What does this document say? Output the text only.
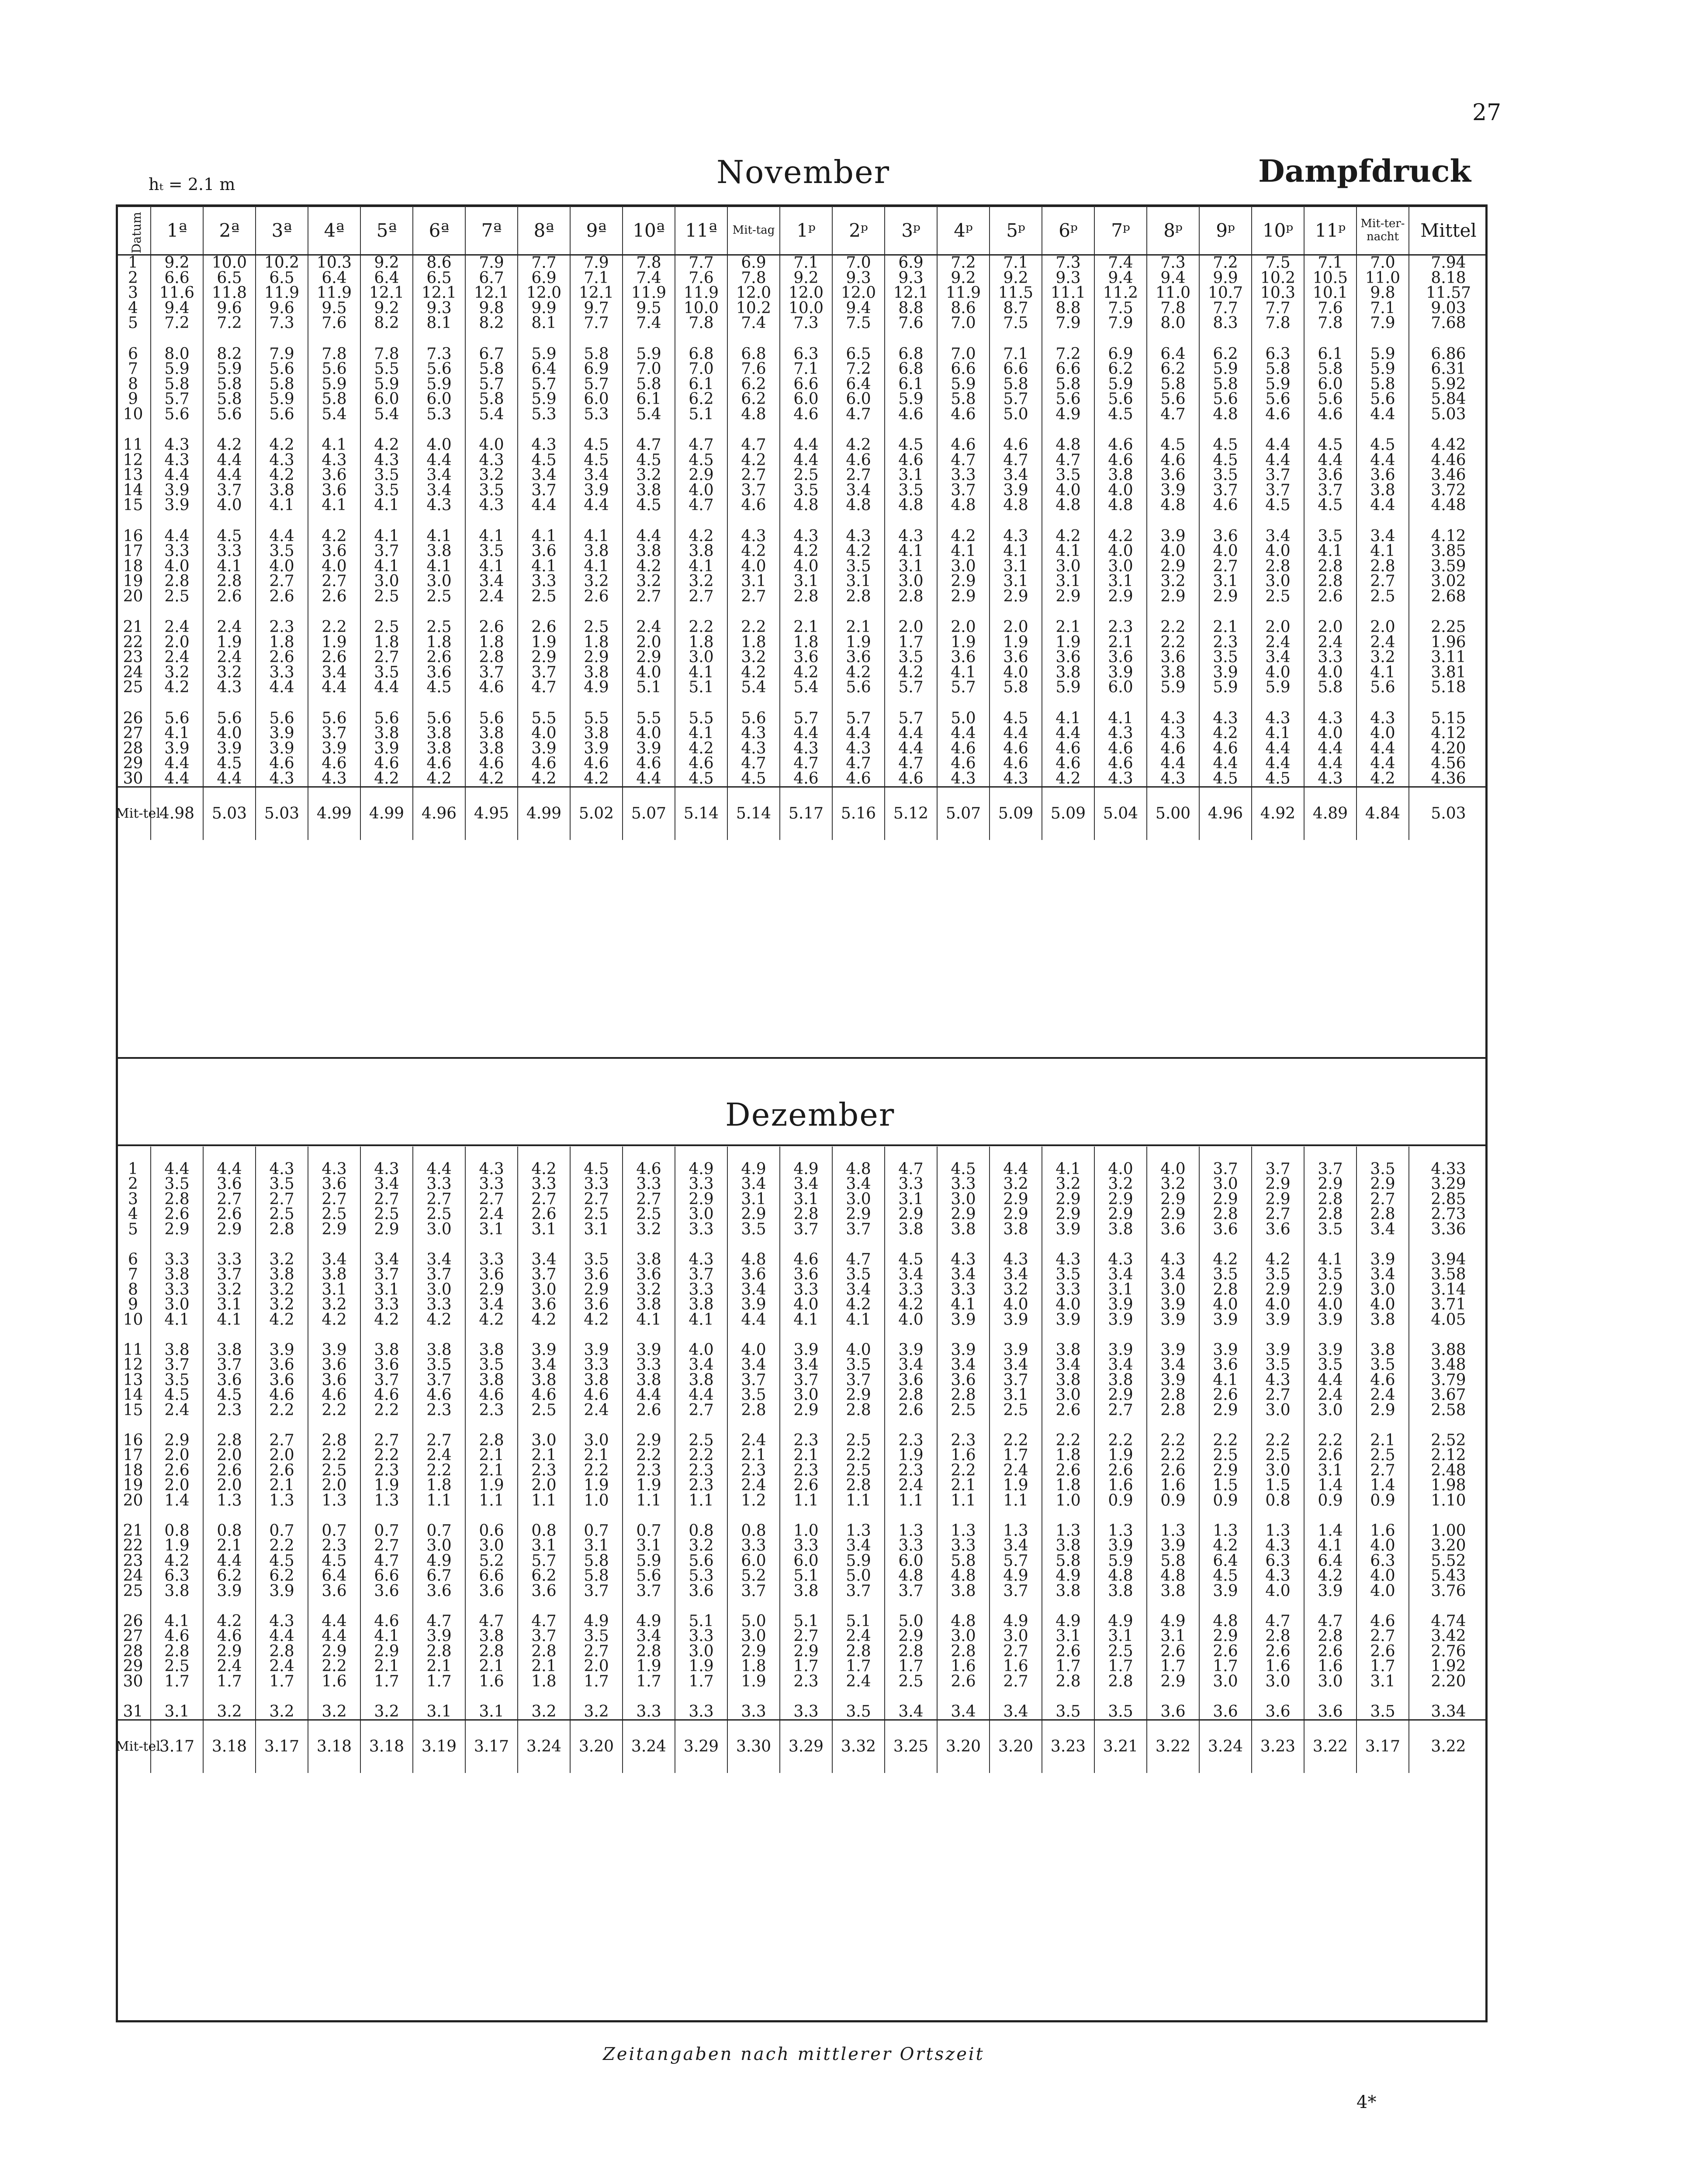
27
hₜ = 2.1 m	November	Dampfdruck
Datum	1ª	2ª	3ª	4ª	5ª	6ª	7ª	8ª	9ª	10ª	11ª	Mit-tag	1ᵖ	2ᵖ	3ᵖ	4ᵖ	5ᵖ	6ᵖ	7ᵖ	8ᵖ	9ᵖ	10ᵖ	11ᵖ	Mit-ter-nacht	Mittel
1	9.2	10.0	10.2	10.3	9.2	8.6	7.9	7.7	7.9	7.8	7.7	6.9	7.1	7.0	6.9	7.2	7.1	7.3	7.4	7.3	7.2	7.5	7.1	7.0	7.94
2	6.6	6.5	6.5	6.4	6.4	6.5	6.7	6.9	7.1	7.4	7.6	7.8	9.2	9.3	9.3	9.2	9.2	9.3	9.4	9.4	9.9	10.2	10.5	11.0	8.18
3	11.6	11.8	11.9	11.9	12.1	12.1	12.1	12.0	12.1	11.9	11.9	12.0	12.0	12.0	12.1	11.9	11.5	11.1	11.2	11.0	10.7	10.3	10.1	9.8	11.57
4	9.4	9.6	9.6	9.5	9.2	9.3	9.8	9.9	9.7	9.5	10.0	10.2	10.0	9.4	8.8	8.6	8.7	8.8	7.5	7.8	7.7	7.7	7.6	7.1	9.03
5	7.2	7.2	7.3	7.6	8.2	8.1	8.2	8.1	7.7	7.4	7.8	7.4	7.3	7.5	7.6	7.0	7.5	7.9	7.9	8.0	8.3	7.8	7.8	7.9	7.68

6	8.0	8.2	7.9	7.8	7.8	7.3	6.7	5.9	5.8	5.9	6.8	6.8	6.3	6.5	6.8	7.0	7.1	7.2	6.9	6.4	6.2	6.3	6.1	5.9	6.86
7	5.9	5.9	5.6	5.6	5.5	5.6	5.8	6.4	6.9	7.0	7.0	7.6	7.1	7.2	6.8	6.6	6.6	6.6	6.2	6.2	5.9	5.8	5.8	5.9	6.31
8	5.8	5.8	5.8	5.9	5.9	5.9	5.7	5.7	5.7	5.8	6.1	6.2	6.6	6.4	6.1	5.9	5.8	5.8	5.9	5.8	5.8	5.9	6.0	5.8	5.92
9	5.7	5.8	5.9	5.8	6.0	6.0	5.8	5.9	6.0	6.1	6.2	6.2	6.0	6.0	5.9	5.8	5.7	5.6	5.6	5.6	5.6	5.6	5.6	5.6	5.84
10	5.6	5.6	5.6	5.4	5.4	5.3	5.4	5.3	5.3	5.4	5.1	4.8	4.6	4.7	4.6	4.6	5.0	4.9	4.5	4.7	4.8	4.6	4.6	4.4	5.03

11	4.3	4.2	4.2	4.1	4.2	4.0	4.0	4.3	4.5	4.7	4.7	4.7	4.4	4.2	4.5	4.6	4.6	4.8	4.6	4.5	4.5	4.4	4.5	4.5	4.42
12	4.3	4.4	4.3	4.3	4.3	4.4	4.3	4.5	4.5	4.5	4.5	4.2	4.4	4.6	4.6	4.7	4.7	4.7	4.6	4.6	4.5	4.4	4.4	4.4	4.46
13	4.4	4.4	4.2	3.6	3.5	3.4	3.2	3.4	3.4	3.2	2.9	2.7	2.5	2.7	3.1	3.3	3.4	3.5	3.8	3.6	3.5	3.7	3.6	3.6	3.46
14	3.9	3.7	3.8	3.6	3.5	3.4	3.5	3.7	3.9	3.8	4.0	3.7	3.5	3.4	3.5	3.7	3.9	4.0	4.0	3.9	3.7	3.7	3.7	3.8	3.72
15	3.9	4.0	4.1	4.1	4.1	4.3	4.3	4.4	4.4	4.5	4.7	4.6	4.8	4.8	4.8	4.8	4.8	4.8	4.8	4.8	4.6	4.5	4.5	4.4	4.48

16	4.4	4.5	4.4	4.2	4.1	4.1	4.1	4.1	4.1	4.4	4.2	4.3	4.3	4.3	4.3	4.2	4.3	4.2	4.2	3.9	3.6	3.4	3.5	3.4	4.12
17	3.3	3.3	3.5	3.6	3.7	3.8	3.5	3.6	3.8	3.8	3.8	4.2	4.2	4.2	4.1	4.1	4.1	4.1	4.0	4.0	4.0	4.0	4.1	4.1	3.85
18	4.0	4.1	4.0	4.0	4.1	4.1	4.1	4.1	4.1	4.2	4.1	4.0	4.0	3.5	3.1	3.0	3.1	3.0	3.0	2.9	2.7	2.8	2.8	2.8	3.59
19	2.8	2.8	2.7	2.7	3.0	3.0	3.4	3.3	3.2	3.2	3.2	3.1	3.1	3.1	3.0	2.9	3.1	3.1	3.1	3.2	3.1	3.0	2.8	2.7	3.02
20	2.5	2.6	2.6	2.6	2.5	2.5	2.4	2.5	2.6	2.7	2.7	2.7	2.8	2.8	2.8	2.9	2.9	2.9	2.9	2.9	2.9	2.5	2.6	2.5	2.68

21	2.4	2.4	2.3	2.2	2.5	2.5	2.6	2.6	2.5	2.4	2.2	2.2	2.1	2.1	2.0	2.0	2.0	2.1	2.3	2.2	2.1	2.0	2.0	2.0	2.25
22	2.0	1.9	1.8	1.9	1.8	1.8	1.8	1.9	1.8	2.0	1.8	1.8	1.8	1.9	1.7	1.9	1.9	1.9	2.1	2.2	2.3	2.4	2.4	2.4	1.96
23	2.4	2.4	2.6	2.6	2.7	2.6	2.8	2.9	2.9	2.9	3.0	3.2	3.6	3.6	3.5	3.6	3.6	3.6	3.6	3.6	3.5	3.4	3.3	3.2	3.11
24	3.2	3.2	3.3	3.4	3.5	3.6	3.7	3.7	3.8	4.0	4.1	4.2	4.2	4.2	4.2	4.1	4.0	3.8	3.9	3.8	3.9	4.0	4.0	4.1	3.81
25	4.2	4.3	4.4	4.4	4.4	4.5	4.6	4.7	4.9	5.1	5.1	5.4	5.4	5.6	5.7	5.7	5.8	5.9	6.0	5.9	5.9	5.9	5.8	5.6	5.18

26	5.6	5.6	5.6	5.6	5.6	5.6	5.6	5.5	5.5	5.5	5.5	5.6	5.7	5.7	5.7	5.0	4.5	4.1	4.1	4.3	4.3	4.3	4.3	4.3	5.15
27	4.1	4.0	3.9	3.7	3.8	3.8	3.8	4.0	3.8	4.0	4.1	4.3	4.4	4.4	4.4	4.4	4.4	4.4	4.3	4.3	4.2	4.1	4.0	4.0	4.12
28	3.9	3.9	3.9	3.9	3.9	3.8	3.8	3.9	3.9	3.9	4.2	4.3	4.3	4.3	4.4	4.6	4.6	4.6	4.6	4.6	4.6	4.4	4.4	4.4	4.20
29	4.4	4.5	4.6	4.6	4.6	4.6	4.6	4.6	4.6	4.6	4.6	4.7	4.7	4.7	4.7	4.6	4.6	4.6	4.6	4.4	4.4	4.4	4.4	4.4	4.56
30	4.4	4.4	4.3	4.3	4.2	4.2	4.2	4.2	4.2	4.4	4.5	4.5	4.6	4.6	4.6	4.3	4.3	4.2	4.3	4.3	4.5	4.5	4.3	4.2	4.36
Mit-tel	4.98	5.03	5.03	4.99	4.99	4.96	4.95	4.99	5.02	5.07	5.14	5.14	5.17	5.16	5.12	5.07	5.09	5.09	5.04	5.00	4.96	4.92	4.89	4.84	5.03
Dezember

1	4.4	4.4	4.3	4.3	4.3	4.4	4.3	4.2	4.5	4.6	4.9	4.9	4.9	4.8	4.7	4.5	4.4	4.1	4.0	4.0	3.7	3.7	3.7	3.5	4.33
2	3.5	3.6	3.5	3.6	3.4	3.3	3.3	3.3	3.3	3.3	3.3	3.4	3.4	3.4	3.3	3.3	3.2	3.2	3.2	3.2	3.0	2.9	2.9	2.9	3.29
3	2.8	2.7	2.7	2.7	2.7	2.7	2.7	2.7	2.7	2.7	2.9	3.1	3.1	3.0	3.1	3.0	2.9	2.9	2.9	2.9	2.9	2.9	2.8	2.7	2.85
4	2.6	2.6	2.5	2.5	2.5	2.5	2.4	2.6	2.5	2.5	3.0	2.9	2.8	2.9	2.9	2.9	2.9	2.9	2.9	2.9	2.8	2.7	2.8	2.8	2.73
5	2.9	2.9	2.8	2.9	2.9	3.0	3.1	3.1	3.1	3.2	3.3	3.5	3.7	3.7	3.8	3.8	3.8	3.9	3.8	3.6	3.6	3.6	3.5	3.4	3.36

6	3.3	3.3	3.2	3.4	3.4	3.4	3.3	3.4	3.5	3.8	4.3	4.8	4.6	4.7	4.5	4.3	4.3	4.3	4.3	4.3	4.2	4.2	4.1	3.9	3.94
7	3.8	3.7	3.8	3.8	3.7	3.7	3.6	3.7	3.6	3.6	3.7	3.6	3.6	3.5	3.4	3.4	3.4	3.5	3.4	3.4	3.5	3.5	3.5	3.4	3.58
8	3.3	3.2	3.2	3.1	3.1	3.0	2.9	3.0	2.9	3.2	3.3	3.4	3.3	3.4	3.3	3.3	3.2	3.3	3.1	3.0	2.8	2.9	2.9	3.0	3.14
9	3.0	3.1	3.2	3.2	3.3	3.3	3.4	3.6	3.6	3.8	3.8	3.9	4.0	4.2	4.2	4.1	4.0	4.0	3.9	3.9	4.0	4.0	4.0	4.0	3.71
10	4.1	4.1	4.2	4.2	4.2	4.2	4.2	4.2	4.2	4.1	4.1	4.4	4.1	4.1	4.0	3.9	3.9	3.9	3.9	3.9	3.9	3.9	3.9	3.8	4.05

11	3.8	3.8	3.9	3.9	3.8	3.8	3.8	3.9	3.9	3.9	4.0	4.0	3.9	4.0	3.9	3.9	3.9	3.8	3.9	3.9	3.9	3.9	3.9	3.8	3.88
12	3.7	3.7	3.6	3.6	3.6	3.5	3.5	3.4	3.3	3.3	3.4	3.4	3.4	3.5	3.4	3.4	3.4	3.4	3.4	3.4	3.6	3.5	3.5	3.5	3.48
13	3.5	3.6	3.6	3.6	3.7	3.7	3.8	3.8	3.8	3.8	3.8	3.7	3.7	3.7	3.6	3.6	3.7	3.8	3.8	3.9	4.1	4.3	4.4	4.6	3.79
14	4.5	4.5	4.6	4.6	4.6	4.6	4.6	4.6	4.6	4.4	4.4	3.5	3.0	2.9	2.8	2.8	3.1	3.0	2.9	2.8	2.6	2.7	2.4	2.4	3.67
15	2.4	2.3	2.2	2.2	2.2	2.3	2.3	2.5	2.4	2.6	2.7	2.8	2.9	2.8	2.6	2.5	2.5	2.6	2.7	2.8	2.9	3.0	3.0	2.9	2.58

16	2.9	2.8	2.7	2.8	2.7	2.7	2.8	3.0	3.0	2.9	2.5	2.4	2.3	2.5	2.3	2.3	2.2	2.2	2.2	2.2	2.2	2.2	2.2	2.1	2.52
17	2.0	2.0	2.0	2.2	2.2	2.4	2.1	2.1	2.1	2.2	2.2	2.1	2.1	2.2	1.9	1.6	1.7	1.8	1.9	2.2	2.5	2.5	2.6	2.5	2.12
18	2.6	2.6	2.6	2.5	2.3	2.2	2.1	2.3	2.2	2.3	2.3	2.3	2.3	2.5	2.3	2.2	2.4	2.6	2.6	2.6	2.9	3.0	3.1	2.7	2.48
19	2.0	2.0	2.1	2.0	1.9	1.8	1.9	2.0	1.9	1.9	2.3	2.4	2.6	2.8	2.4	2.1	1.9	1.8	1.6	1.6	1.5	1.5	1.4	1.4	1.98
20	1.4	1.3	1.3	1.3	1.3	1.1	1.1	1.1	1.0	1.1	1.1	1.2	1.1	1.1	1.1	1.1	1.1	1.0	0.9	0.9	0.9	0.8	0.9	0.9	1.10

21	0.8	0.8	0.7	0.7	0.7	0.7	0.6	0.8	0.7	0.7	0.8	0.8	1.0	1.3	1.3	1.3	1.3	1.3	1.3	1.3	1.3	1.3	1.4	1.6	1.00
22	1.9	2.1	2.2	2.3	2.7	3.0	3.0	3.1	3.1	3.1	3.2	3.3	3.3	3.4	3.3	3.3	3.4	3.8	3.9	3.9	4.2	4.3	4.1	4.0	3.20
23	4.2	4.4	4.5	4.5	4.7	4.9	5.2	5.7	5.8	5.9	5.6	6.0	6.0	5.9	6.0	5.8	5.7	5.8	5.9	5.8	6.4	6.3	6.4	6.3	5.52
24	6.3	6.2	6.2	6.4	6.6	6.7	6.6	6.2	5.8	5.6	5.3	5.2	5.1	5.0	4.8	4.8	4.9	4.9	4.8	4.8	4.5	4.3	4.2	4.0	5.43
25	3.8	3.9	3.9	3.6	3.6	3.6	3.6	3.6	3.7	3.7	3.6	3.7	3.8	3.7	3.7	3.8	3.7	3.8	3.8	3.8	3.9	4.0	3.9	4.0	3.76

26	4.1	4.2	4.3	4.4	4.6	4.7	4.7	4.7	4.9	4.9	5.1	5.0	5.1	5.1	5.0	4.8	4.9	4.9	4.9	4.9	4.8	4.7	4.7	4.6	4.74
27	4.6	4.6	4.4	4.4	4.1	3.9	3.8	3.7	3.5	3.4	3.3	3.0	2.7	2.4	2.9	3.0	3.0	3.1	3.1	3.1	2.9	2.8	2.8	2.7	3.42
28	2.8	2.9	2.8	2.9	2.9	2.8	2.8	2.8	2.7	2.8	3.0	2.9	2.9	2.8	2.8	2.8	2.7	2.6	2.5	2.6	2.6	2.6	2.6	2.6	2.76
29	2.5	2.4	2.4	2.2	2.1	2.1	2.1	2.1	2.0	1.9	1.9	1.8	1.7	1.7	1.7	1.6	1.6	1.7	1.7	1.7	1.7	1.6	1.6	1.7	1.92
30	1.7	1.7	1.7	1.6	1.7	1.7	1.6	1.8	1.7	1.7	1.7	1.9	2.3	2.4	2.5	2.6	2.7	2.8	2.8	2.9	3.0	3.0	3.0	3.1	2.20

31	3.1	3.2	3.2	3.2	3.2	3.1	3.1	3.2	3.2	3.3	3.3	3.3	3.3	3.5	3.4	3.4	3.4	3.5	3.5	3.6	3.6	3.6	3.6	3.5	3.34
Mit-tel	3.17	3.18	3.17	3.18	3.18	3.19	3.17	3.24	3.20	3.24	3.29	3.30	3.29	3.32	3.25	3.20	3.20	3.23	3.21	3.22	3.24	3.23	3.22	3.17	3.22
Zeitangaben nach mittlerer Ortszeit
4*
